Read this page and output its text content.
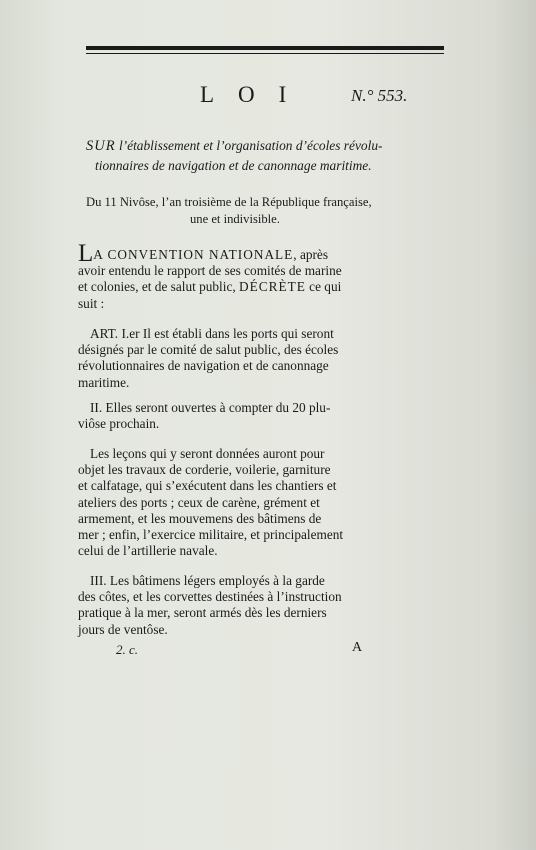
LOI N.° 553.
SUR l’établissement et l’organisation d’écoles révolu-
tionnaires de navigation et de canonnage maritime.
Du 11 Nivôse, l’an troisième de la République française,
une et indivisible.
LA CONVENTION NATIONALE, après
avoir entendu le rapport de ses comités de marine
et colonies, et de salut public, DÉCRÈTE ce qui
suit :
ART. I.er Il est établi dans les ports qui seront
désignés par le comité de salut public, des écoles
révolutionnaires de navigation et de canonnage
maritime.
II. Elles seront ouvertes à compter du 20 plu-
viôse prochain.
Les leçons qui y seront données auront pour
objet les travaux de corderie, voilerie, garniture
et calfatage, qui s’exécutent dans les chantiers et
ateliers des ports ; ceux de carène, grément et
armement, et les mouvemens des bâtimens de
mer ; enfin, l’exercice militaire, et principalement
celui de l’artillerie navale.
III. Les bâtimens légers employés à la garde
des côtes, et les corvettes destinées à l’instruction
pratique à la mer, seront armés dès les derniers
jours de ventôse.
2. c.	A
